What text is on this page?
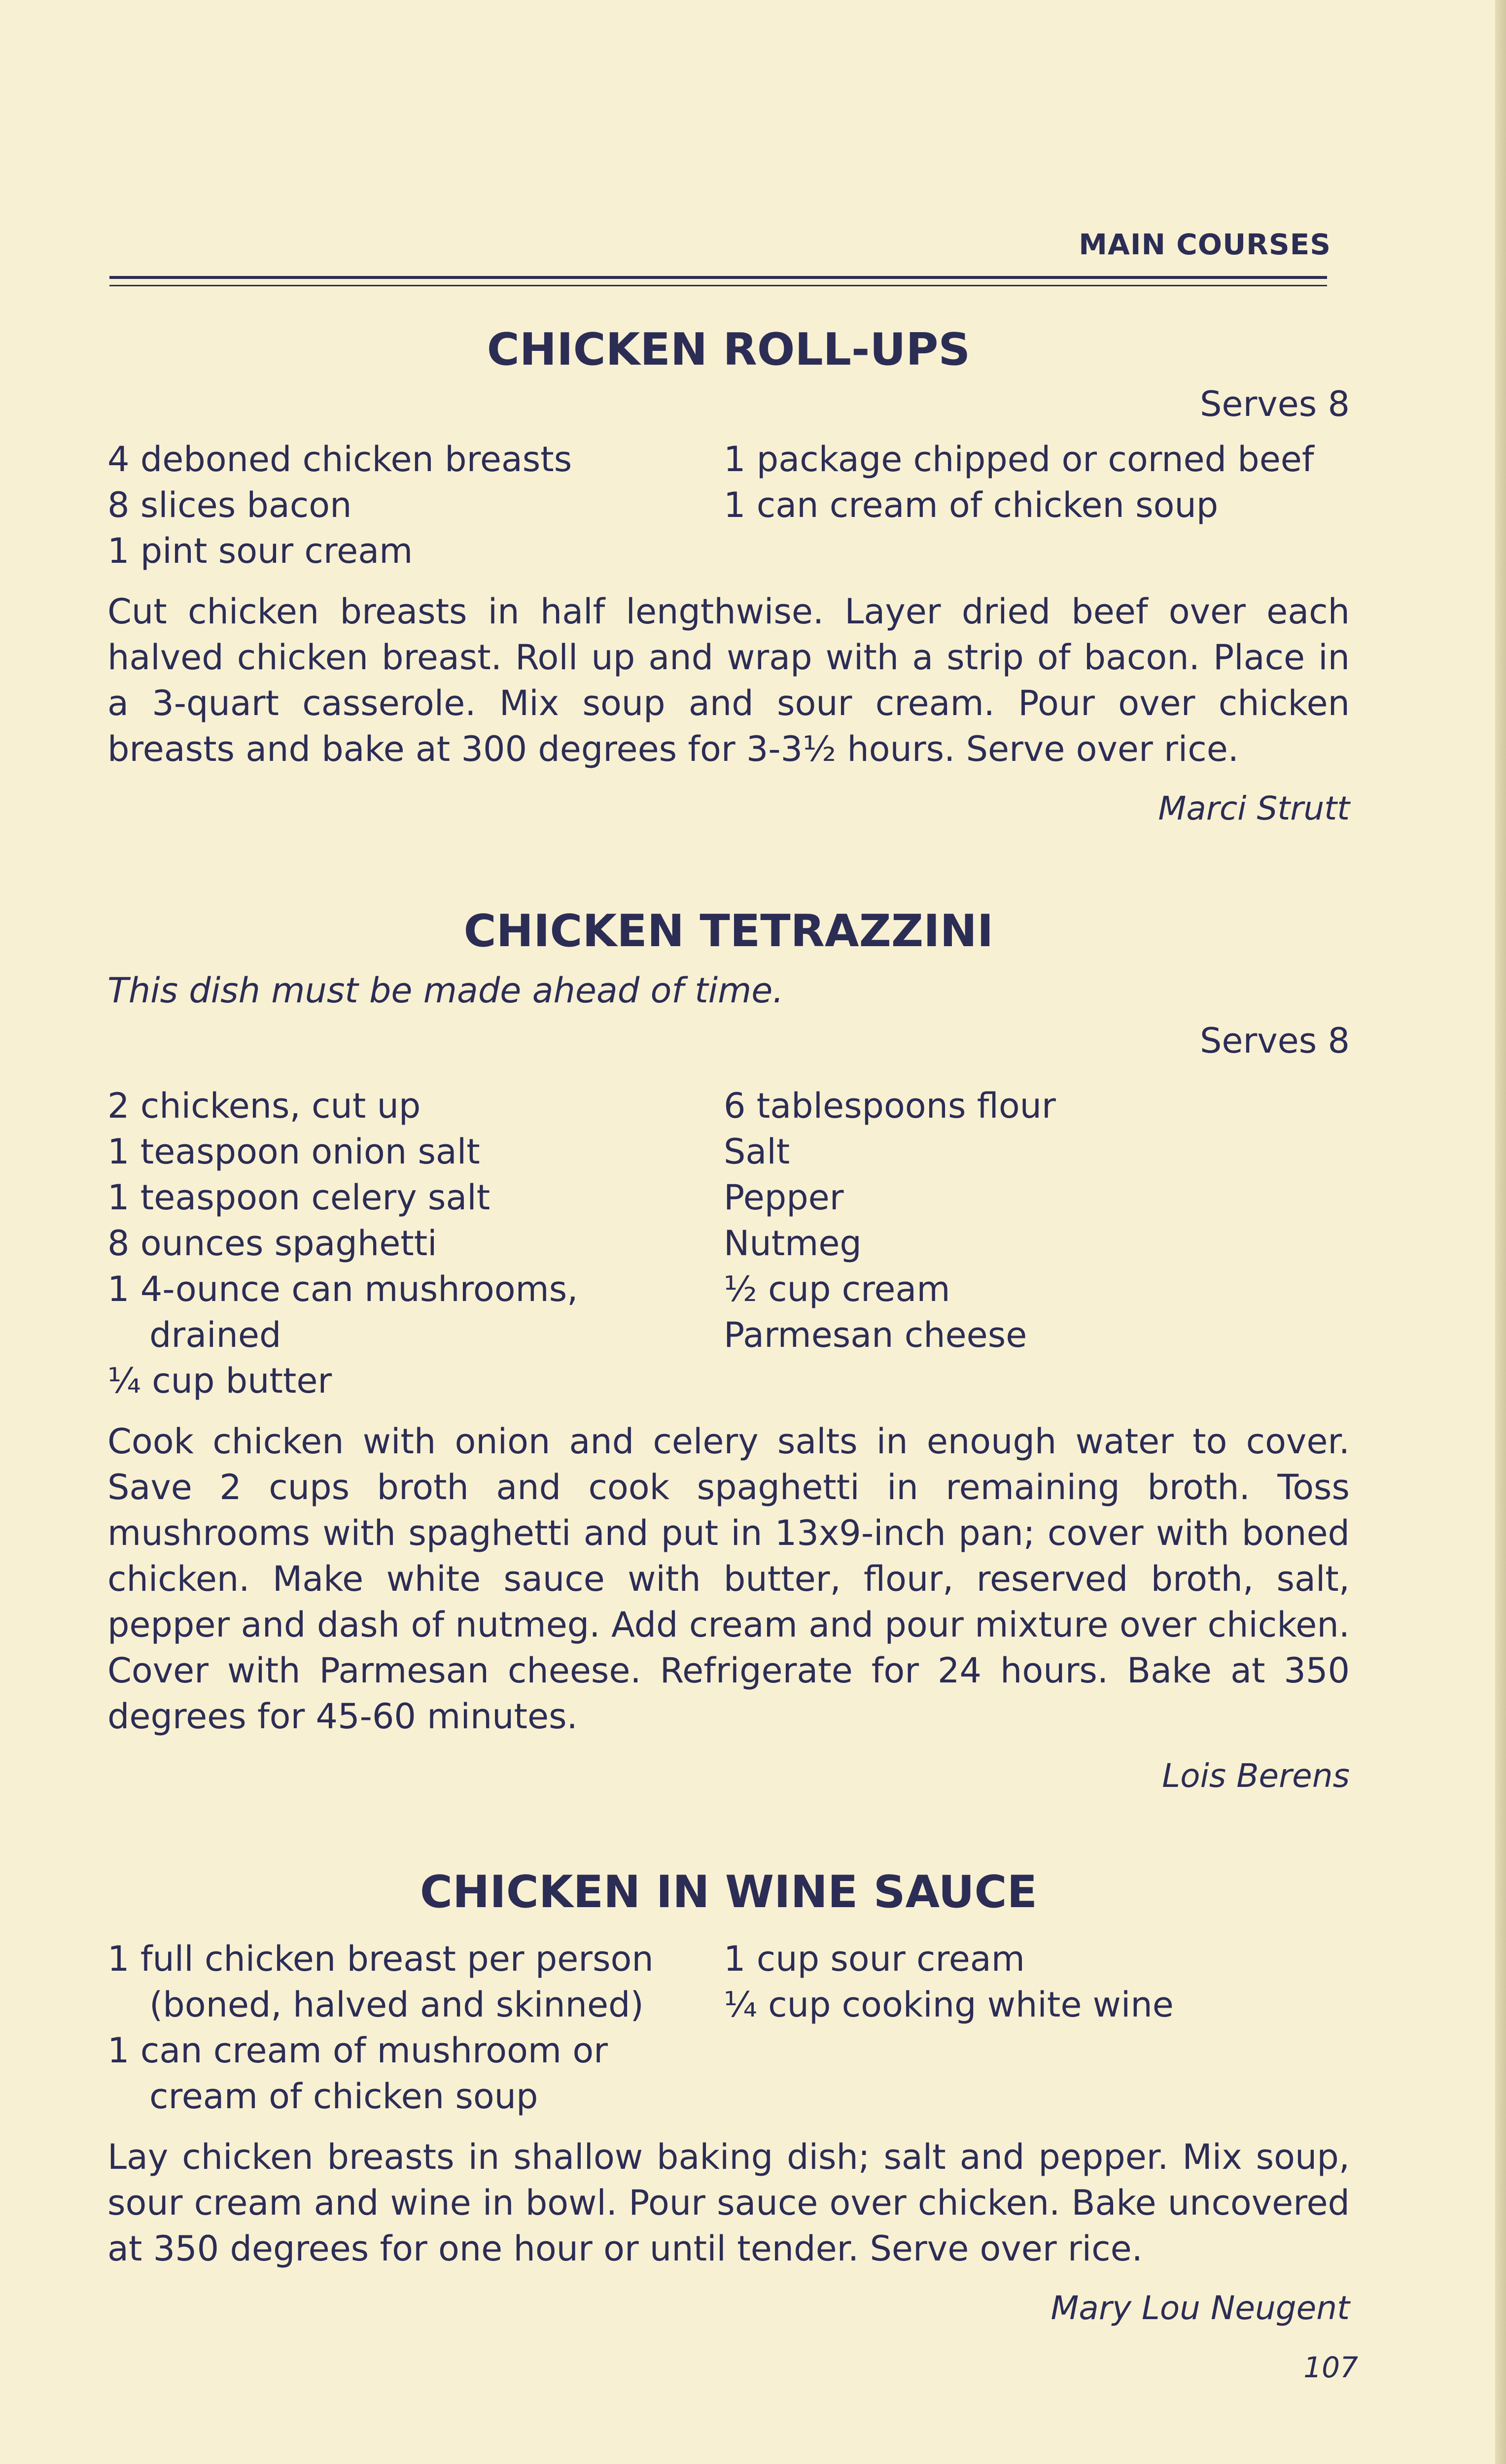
MAIN COURSES
CHICKEN ROLL-UPS
Serves 8
4 deboned chicken breasts
8 slices bacon
1 pint sour cream
1 package chipped or corned beef
1 can cream of chicken soup
Cut chicken breasts in half lengthwise. Layer dried beef over each halved chicken breast. Roll up and wrap with a strip of bacon. Place in a 3-quart casserole. Mix soup and sour cream. Pour over chicken breasts and bake at 300 degrees for 3-3½ hours. Serve over rice.
Marci Strutt
CHICKEN TETRAZZINI
This dish must be made ahead of time.
Serves 8
2 chickens, cut up
1 teaspoon onion salt
1 teaspoon celery salt
8 ounces spaghetti
1 4-ounce can mushrooms,
drained
¼ cup butter
6 tablespoons flour
Salt
Pepper
Nutmeg
½ cup cream
Parmesan cheese
Cook chicken with onion and celery salts in enough water to cover. Save 2 cups broth and cook spaghetti in remaining broth. Toss mushrooms with spaghetti and put in 13x9-inch pan; cover with boned chicken. Make white sauce with butter, flour, reserved broth, salt, pepper and dash of nutmeg. Add cream and pour mixture over chicken. Cover with Parmesan cheese. Refrigerate for 24 hours. Bake at 350 degrees for 45-60 minutes.
Lois Berens
CHICKEN IN WINE SAUCE
1 full chicken breast per person
(boned, halved and skinned)
1 can cream of mushroom or
cream of chicken soup
1 cup sour cream
¼ cup cooking white wine
Lay chicken breasts in shallow baking dish; salt and pepper. Mix soup, sour cream and wine in bowl. Pour sauce over chicken. Bake uncovered at 350 degrees for one hour or until tender. Serve over rice.
Mary Lou Neugent
107
